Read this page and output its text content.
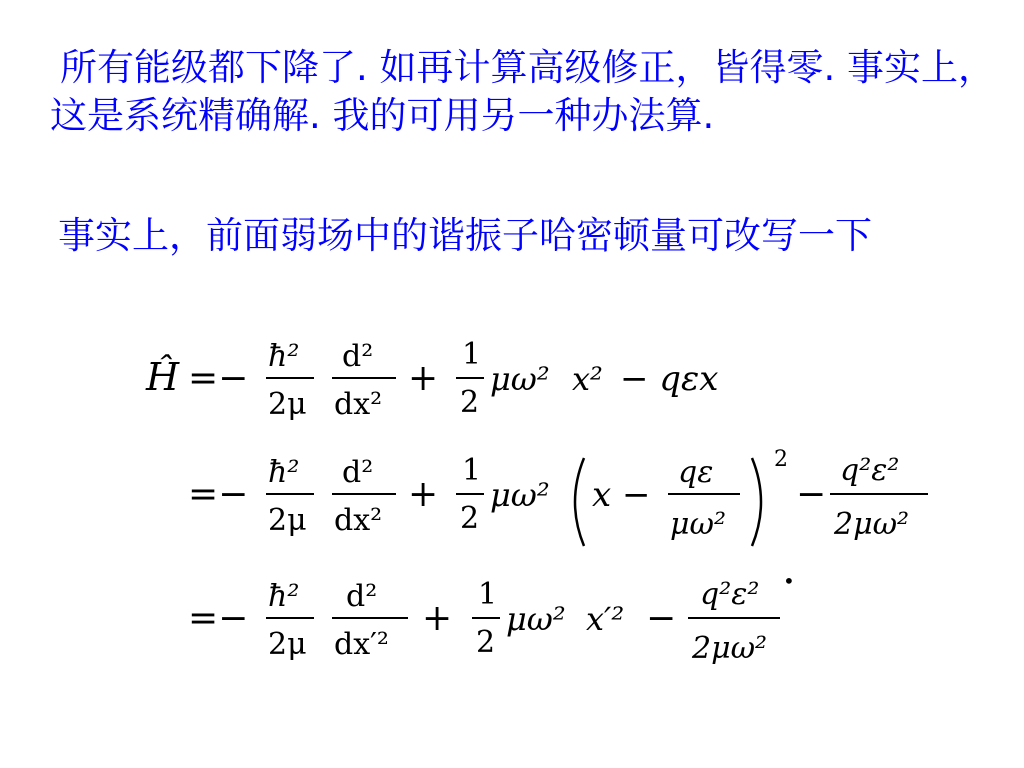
所有能级都下降了. 如再计算高级修正，皆得零. 事实上，这是系统精确解. 我的可用另一种办法算.

事实上，前面弱场中的谐振子哈密顿量可改写一下

Ĥ =−
ħ²
2μ
d²
dx²
+
1
2
μω² x² − qεx
=−
ħ²
2μ
d²
dx²
+
1
2
μω² x −
qε
μω²
2
−
q²ε²
2μω²
=−
ħ²
2μ
d²
dx′²
+
1
2
μω² x′² −
q²ε²
2μω²
•
